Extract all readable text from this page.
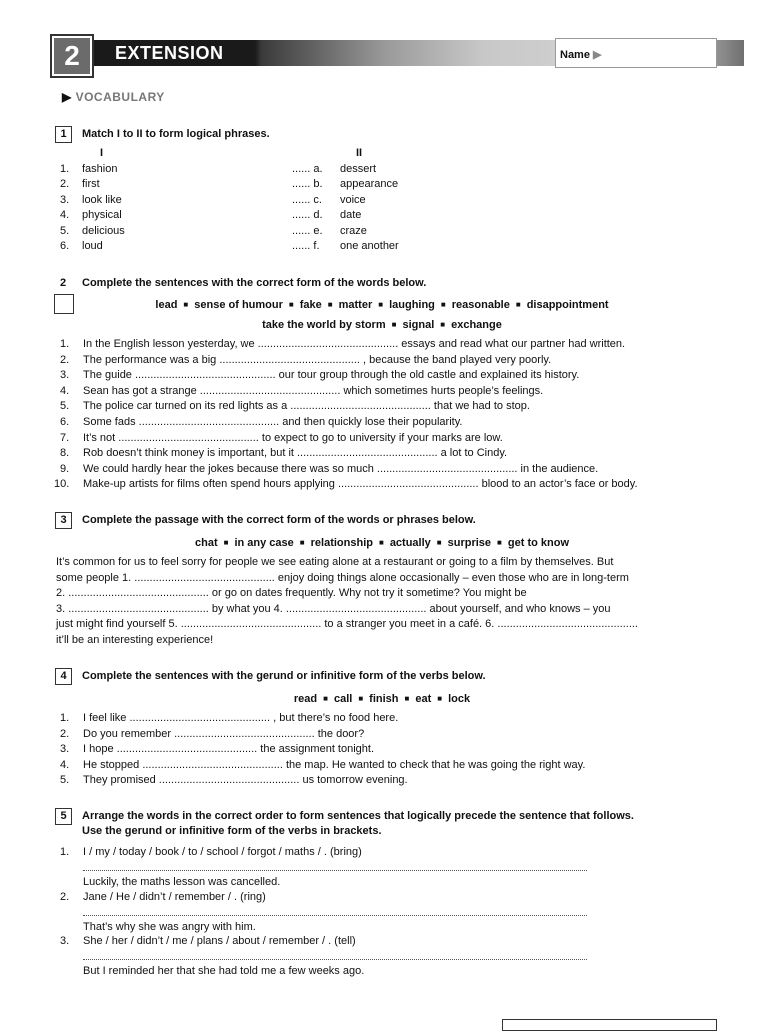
2	EXTENSION	Name ▶
▶ VOCABULARY
1	Match I to II to form logical phrases.
I	II
1. fashion	...... a. dessert
2. first	...... b. appearance
3. look like	...... c. voice
4. physical	...... d. date
5. delicious	...... e. craze
6. loud	...... f. one another
2 Complete the sentences with the correct form of the words below.
lead ■ sense of humour ■ fake ■ matter ■ laughing ■ reasonable ■ disappointment
take the world by storm ■ signal ■ exchange
1. In the English lesson yesterday, we .............................................. essays and read what our partner had written.
2. The performance was a big .............................................. , because the band played very poorly.
3. The guide .............................................. our tour group through the old castle and explained its history.
4. Sean has got a strange .............................................. which sometimes hurts people’s feelings.
5. The police car turned on its red lights as a .............................................. that we had to stop.
6. Some fads .............................................. and then quickly lose their popularity.
7. It’s not .............................................. to expect to go to university if your marks are low.
8. Rob doesn’t think money is important, but it .............................................. a lot to Cindy.
9. We could hardly hear the jokes because there was so much .............................................. in the audience.
10. Make-up artists for films often spend hours applying .............................................. blood to an actor’s face or body.
3	Complete the passage with the correct form of the words or phrases below.
chat ■ in any case ■ relationship ■ actually ■ surprise ■ get to know
It’s common for us to feel sorry for people we see eating alone at a restaurant or going to a film by themselves. But
some people 1. .............................................. enjoy doing things alone occasionally – even those who are in long-term
2. .............................................. or go on dates frequently. Why not try it sometime? You might be
3. .............................................. by what you 4. .............................................. about yourself, and who knows – you
just might find yourself 5. .............................................. to a stranger you meet in a café. 6. ..............................................
it’ll be an interesting experience!
4	Complete the sentences with the gerund or infinitive form of the verbs below.
read ■ call ■ finish ■ eat ■ lock
1. I feel like .............................................. , but there’s no food here.
2. Do you remember .............................................. the door?
3. I hope .............................................. the assignment tonight.
4. He stopped .............................................. the map. He wanted to check that he was going the right way.
5. They promised .............................................. us tomorrow evening.
5	Arrange the words in the correct order to form sentences that logically precede the sentence that follows.
Use the gerund or infinitive form of the verbs in brackets.
1. I / my / today / book / to / school / forgot / maths / . (bring)
Luckily, the maths lesson was cancelled.
2. Jane / He / didn’t / remember / . (ring)
That’s why she was angry with him.
3. She / her / didn’t / me / plans / about / remember / . (tell)
But I reminded her that she had told me a few weeks ago.
